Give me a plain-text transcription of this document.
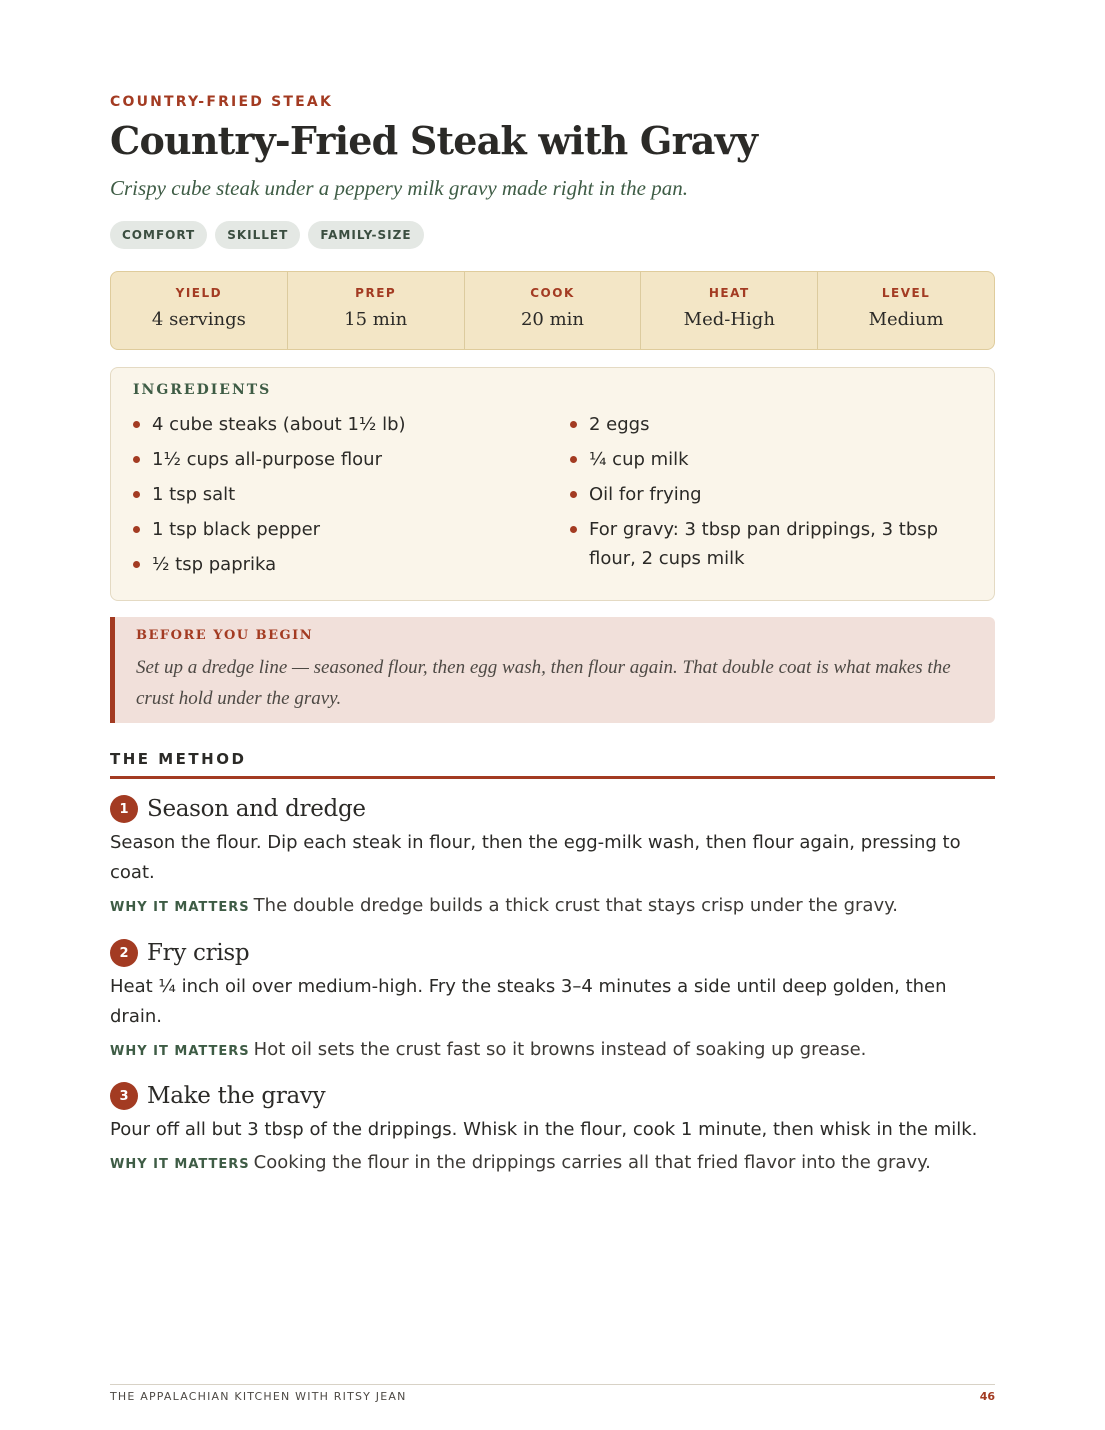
COUNTRY-FRIED STEAK
Country-Fried Steak with Gravy
Crispy cube steak under a peppery milk gravy made right in the pan.
COMFORT	SKILLET	FAMILY-SIZE
YIELD
4 servings
PREP
15 min
COOK
20 min
HEAT
Med-High
LEVEL
Medium
INGREDIENTS
4 cube steaks (about 1½ lb)
1½ cups all-purpose flour
1 tsp salt
1 tsp black pepper
½ tsp paprika
2 eggs
¼ cup milk
Oil for frying
For gravy: 3 tbsp pan drippings, 3 tbsp flour, 2 cups milk
BEFORE YOU BEGIN
Set up a dredge line — seasoned flour, then egg wash, then flour again. That double coat is what makes the crust hold under the gravy.
THE METHOD
1 Season and dredge
Season the flour. Dip each steak in flour, then the egg-milk wash, then flour again, pressing to coat.
WHY IT MATTERS The double dredge builds a thick crust that stays crisp under the gravy.
2 Fry crisp
Heat ¼ inch oil over medium-high. Fry the steaks 3–4 minutes a side until deep golden, then drain.
WHY IT MATTERS Hot oil sets the crust fast so it browns instead of soaking up grease.
3 Make the gravy
Pour off all but 3 tbsp of the drippings. Whisk in the flour, cook 1 minute, then whisk in the milk.
WHY IT MATTERS Cooking the flour in the drippings carries all that fried flavor into the gravy.
THE APPALACHIAN KITCHEN WITH RITSY JEAN	46
